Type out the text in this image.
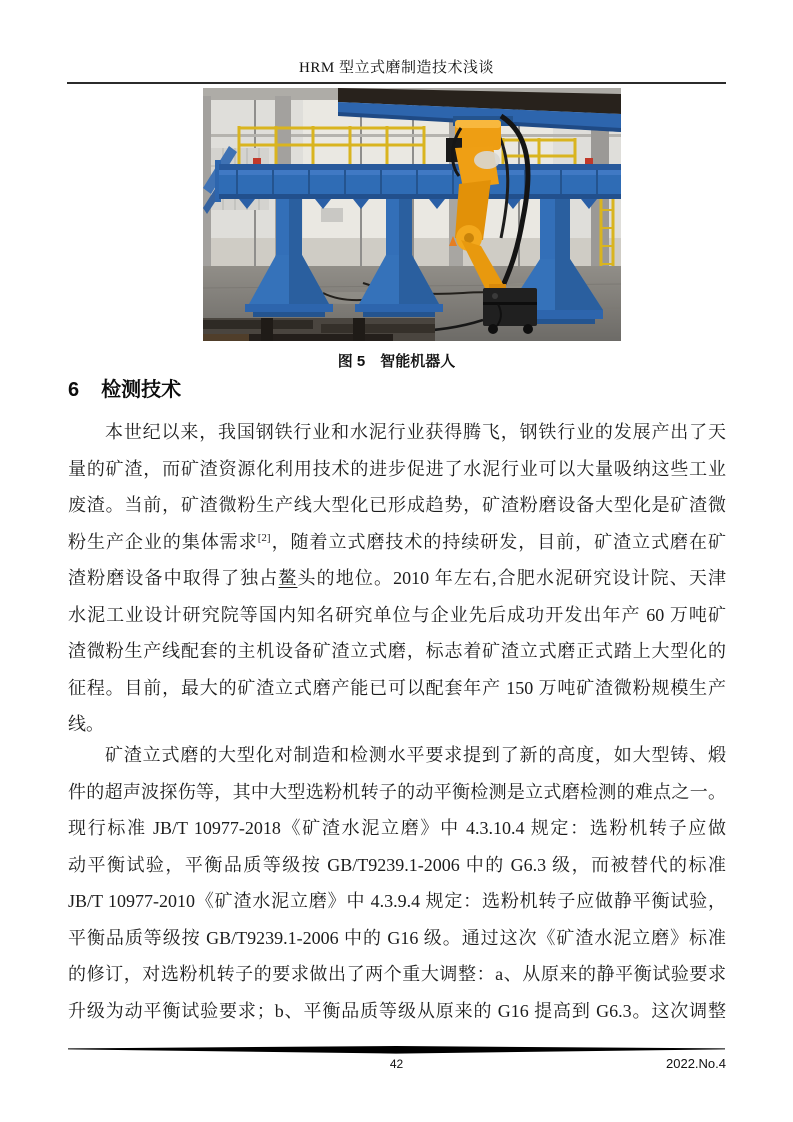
HRM 型立式磨制造技术浅谈
图 5　智能机器人
6 检测技术
本世纪以来，我国钢铁行业和水泥行业获得腾飞，钢铁行业的发展产出了天
量的矿渣，而矿渣资源化利用技术的进步促进了水泥行业可以大量吸纳这些工业
废渣。当前，矿渣微粉生产线大型化已形成趋势，矿渣粉磨设备大型化是矿渣微
粉生产企业的集体需求[2]，随着立式磨技术的持续研发，目前，矿渣立式磨在矿
渣粉磨设备中取得了独占鳌头的地位。2010 年左右,合肥水泥研究设计院、天津
水泥工业设计研究院等国内知名研究单位与企业先后成功开发出年产 60 万吨矿
渣微粉生产线配套的主机设备矿渣立式磨，标志着矿渣立式磨正式踏上大型化的
征程。目前，最大的矿渣立式磨产能已可以配套年产 150 万吨矿渣微粉规模生产
线。
矿渣立式磨的大型化对制造和检测水平要求提到了新的高度，如大型铸、煅
件的超声波探伤等，其中大型选粉机转子的动平衡检测是立式磨检测的难点之一。
现行标准 JB/T 10977-2018《矿渣水泥立磨》中 4.3.10.4 规定：选粉机转子应做
动平衡试验，平衡品质等级按 GB/T9239.1-2006 中的 G6.3 级，而被替代的标准
JB/T 10977-2010《矿渣水泥立磨》中 4.3.9.4 规定：选粉机转子应做静平衡试验，
平衡品质等级按 GB/T9239.1-2006 中的 G16 级。通过这次《矿渣水泥立磨》标准
的修订，对选粉机转子的要求做出了两个重大调整：a、从原来的静平衡试验要求
升级为动平衡试验要求；b、平衡品质等级从原来的 G16 提高到 G6.3。这次调整
42	2022.No.4
